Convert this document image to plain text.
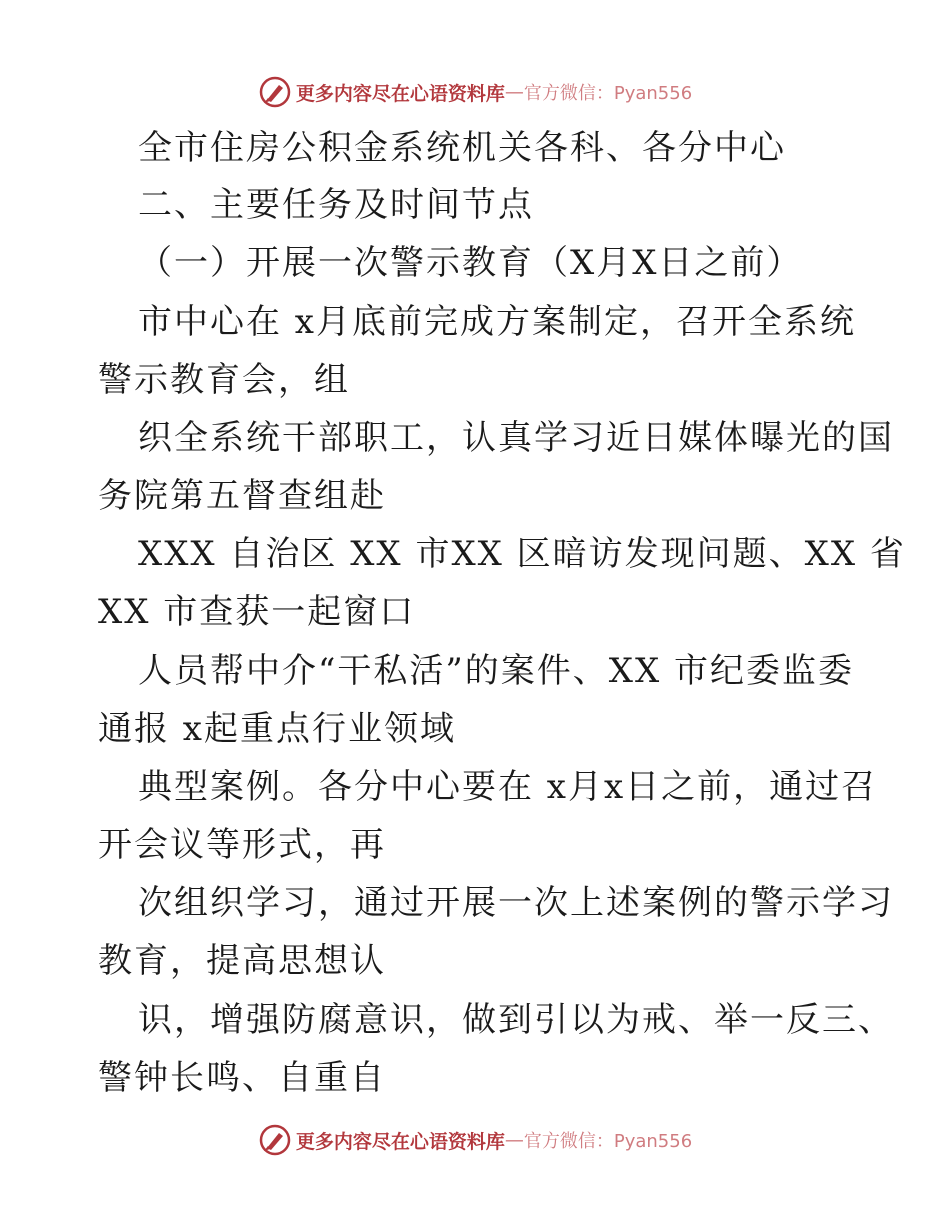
更多内容尽在心语资料库 — 官方微信：Pyan556
全市住房公积金系统机关各科、各分中心
二、主要任务及时间节点
（一）开展一次警示教育（X月X日之前）
市中心在 x月底前完成方案制定，召开全系统
警示教育会，组
织全系统干部职工，认真学习近日媒体曝光的国
务院第五督查组赴
XXX 自治区 XX 市XX 区暗访发现问题、XX 省
XX 市查获一起窗口
人员帮中介“干私活”的案件、XX 市纪委监委
通报 x起重点行业领域
典型案例。各分中心要在 x月x日之前，通过召
开会议等形式，再
次组织学习，通过开展一次上述案例的警示学习
教育，提高思想认
识，增强防腐意识，做到引以为戒、举一反三、
警钟长鸣、自重自
更多内容尽在心语资料库 — 官方微信：Pyan556
